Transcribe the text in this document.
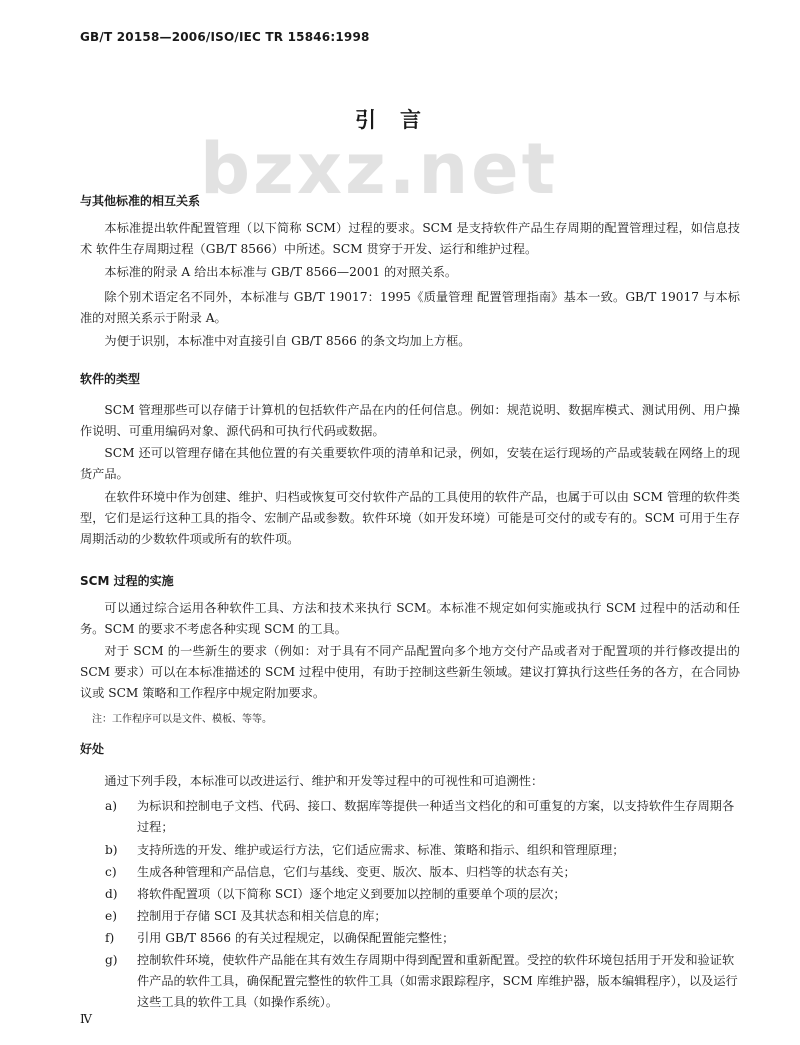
GB/T 20158—2006/ISO/IEC TR 15846:1998
bzxz.net
引言
与其他标准的相互关系

本标准提出软件配置管理（以下简称 SCM）过程的要求。SCM 是支持软件产品生存周期的配置管理过程，如信息技术 软件生存周期过程（GB/T 8566）中所述。SCM 贯穿于开发、运行和维护过程。

本标准的附录 A 给出本标准与 GB/T 8566—2001 的对照关系。

除个别术语定名不同外，本标准与 GB/T 19017：1995《质量管理 配置管理指南》基本一致。GB/T 19017 与本标准的对照关系示于附录 A。

为便于识别，本标准中对直接引自 GB/T 8566 的条文均加上方框。

软件的类型

SCM 管理那些可以存储于计算机的包括软件产品在内的任何信息。例如：规范说明、数据库模式、测试用例、用户操作说明、可重用编码对象、源代码和可执行代码或数据。

SCM 还可以管理存储在其他位置的有关重要软件项的清单和记录，例如，安装在运行现场的产品或装载在网络上的现货产品。

在软件环境中作为创建、维护、归档或恢复可交付软件产品的工具使用的软件产品，也属于可以由 SCM 管理的软件类型，它们是运行这种工具的指令、宏制产品或参数。软件环境（如开发环境）可能是可交付的或专有的。SCM 可用于生存周期活动的少数软件项或所有的软件项。

SCM 过程的实施

可以通过综合运用各种软件工具、方法和技术来执行 SCM。本标准不规定如何实施或执行 SCM 过程中的活动和任务。SCM 的要求不考虑各种实现 SCM 的工具。

对于 SCM 的一些新生的要求（例如：对于具有不同产品配置向多个地方交付产品或者对于配置项的并行修改提出的 SCM 要求）可以在本标准描述的 SCM 过程中使用，有助于控制这些新生领域。建议打算执行这些任务的各方，在合同协议或 SCM 策略和工作程序中规定附加要求。

注：工作程序可以是文件、模板、等等。
好处

通过下列手段，本标准可以改进运行、维护和开发等过程中的可视性和可追溯性：

a) 为标识和控制电子文档、代码、接口、数据库等提供一种适当文档化的和可重复的方案，以支持软件生存周期各过程；
b) 支持所选的开发、维护或运行方法，它们适应需求、标准、策略和指示、组织和管理原理；
c) 生成各种管理和产品信息，它们与基线、变更、版次、版本、归档等的状态有关；
d) 将软件配置项（以下简称 SCI）逐个地定义到要加以控制的重要单个项的层次；
e) 控制用于存储 SCI 及其状态和相关信息的库；
f) 引用 GB/T 8566 的有关过程规定，以确保配置能完整性；
g) 控制软件环境，使软件产品能在其有效生存周期中得到配置和重新配置。受控的软件环境包括用于开发和验证软件产品的软件工具，确保配置完整性的软件工具（如需求跟踪程序，SCM 库维护器，版本编辑程序），以及运行这些工具的软件工具（如操作系统）。
Ⅳ
